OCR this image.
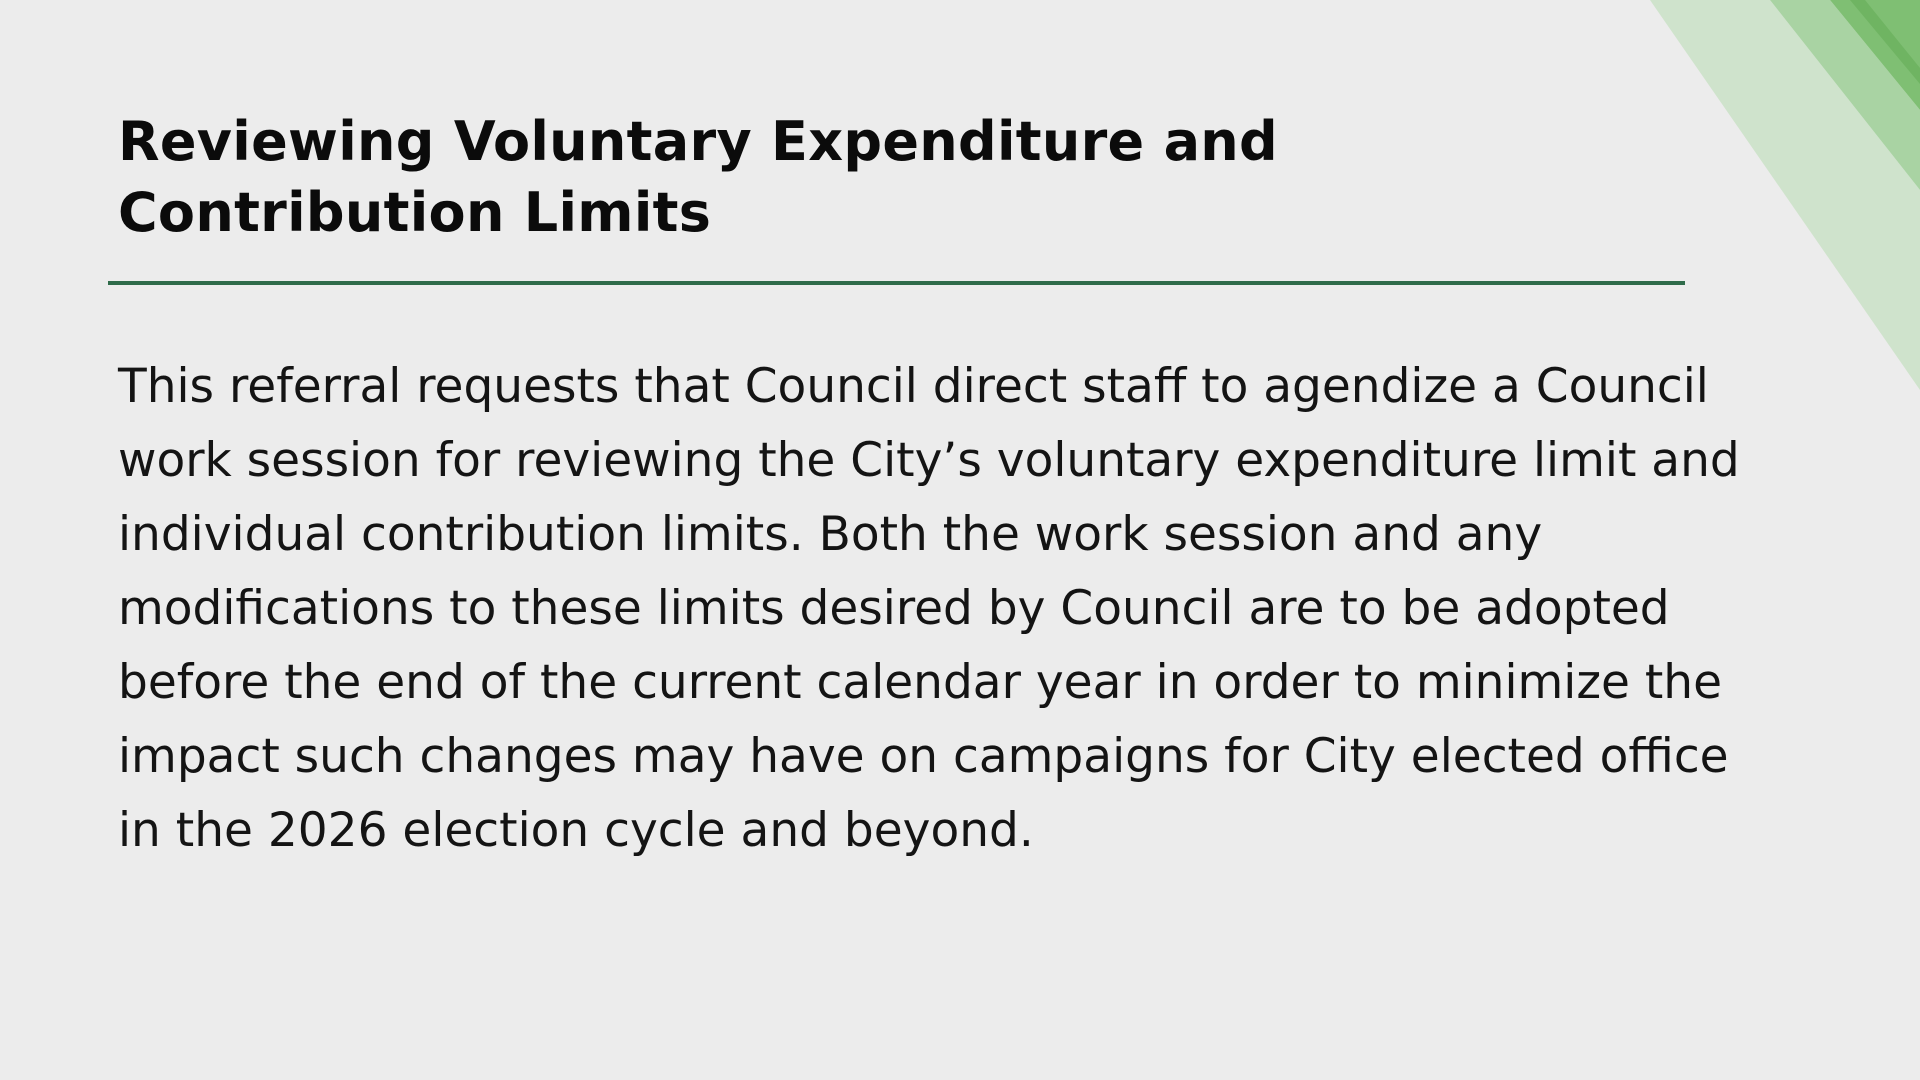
Reviewing Voluntary Expenditure and Contribution Limits

This referral requests that Council direct staff to agendize a Council work session for reviewing the City’s voluntary expenditure limit and individual contribution limits. Both the work session and any modifications to these limits desired by Council are to be adopted before the end of the current calendar year in order to minimize the impact such changes may have on campaigns for City elected office in the 2026 election cycle and beyond.
